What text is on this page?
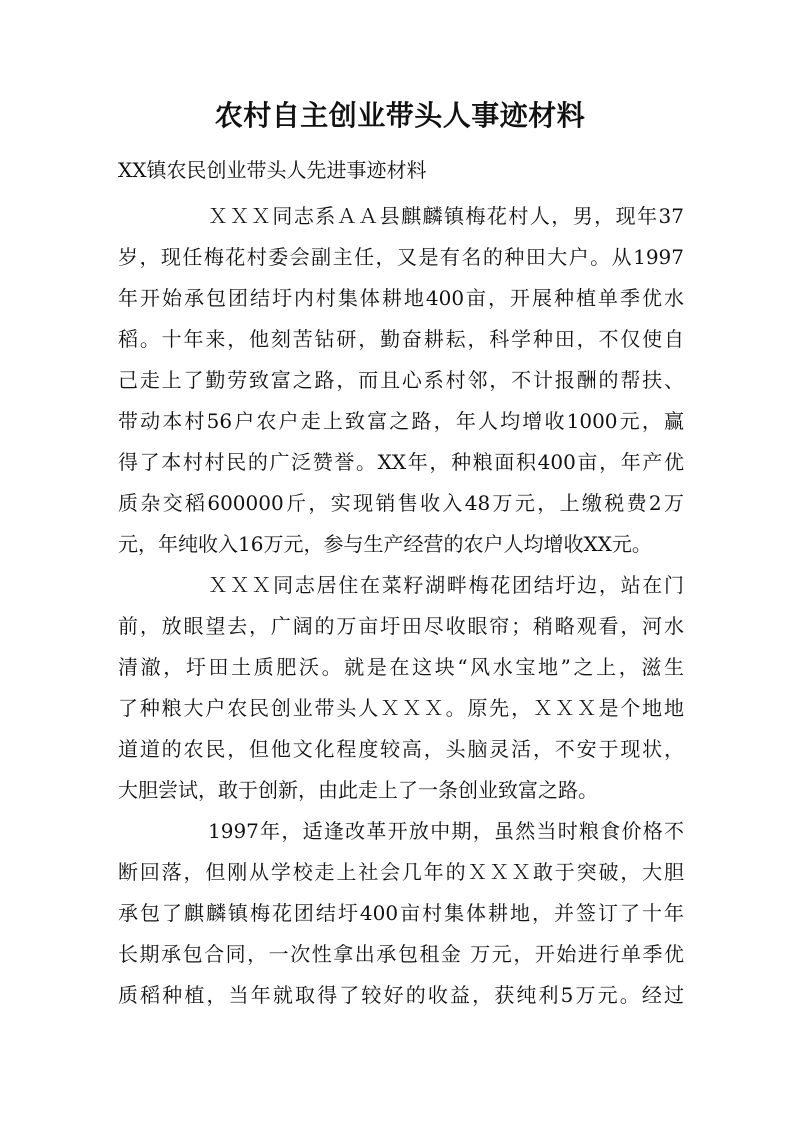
农村自主创业带头人事迹材料

XX镇农民创业带头人先进事迹材料

ＸＸＸ同志系ＡＡ县麒麟镇梅花村人，男，现年37
岁，现任梅花村委会副主任，又是有名的种田大户。从1997
年开始承包团结圩内村集体耕地400亩，开展种植单季优水
稻。十年来，他刻苦钻研，勤奋耕耘，科学种田，不仅使自
己走上了勤劳致富之路，而且心系村邻，不计报酬的帮扶、
带动本村56户农户走上致富之路，年人均增收1000元，赢
得了本村村民的广泛赞誉。XX年，种粮面积400亩，年产优
质杂交稻600000斤，实现销售收入48万元，上缴税费2万
元，年纯收入16万元，参与生产经营的农户人均增收XX元。

ＸＸＸ同志居住在菜籽湖畔梅花团结圩边，站在门
前，放眼望去，广阔的万亩圩田尽收眼帘；稍略观看，河水
清澈，圩田土质肥沃。就是在这块“风水宝地”之上，滋生
了种粮大户农民创业带头人ＸＸＸ。原先，ＸＸＸ是个地地
道道的农民，但他文化程度较高，头脑灵活，不安于现状，
大胆尝试，敢于创新，由此走上了一条创业致富之路。

1997年，适逢改革开放中期，虽然当时粮食价格不
断回落，但刚从学校走上社会几年的ＸＸＸ敢于突破，大胆
承包了麒麟镇梅花团结圩400亩村集体耕地，并签订了十年
长期承包合同，一次性拿出承包租金 万元，开始进行单季优
质稻种植，当年就取得了较好的收益，获纯利5万元。经过
